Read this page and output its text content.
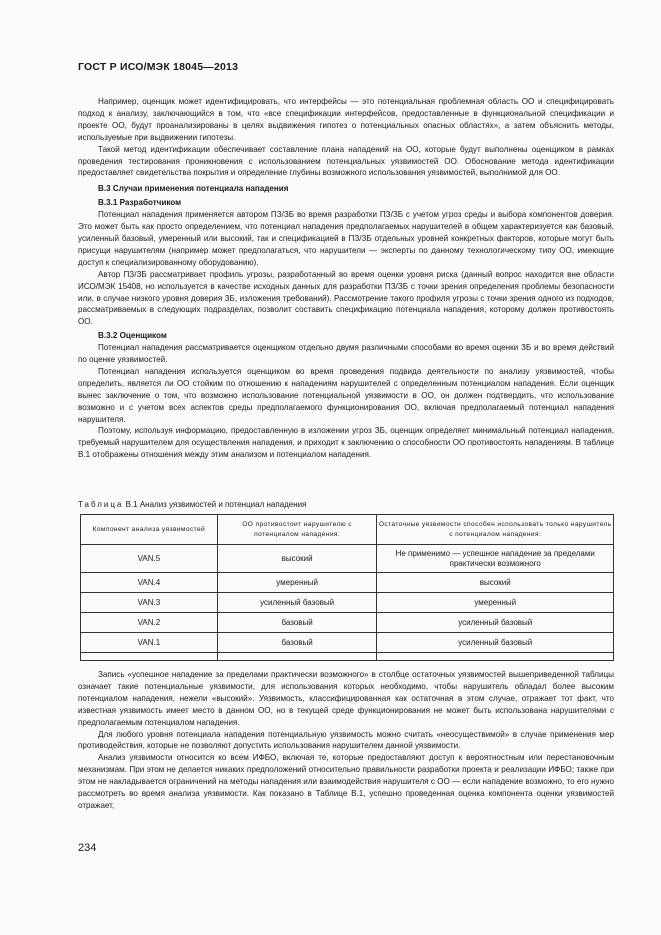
ГОСТ Р ИСО/МЭК 18045—2013

Например, оценщик может идентифицировать, что интерфейсы — это потенциальная проблемная область ОО и специфицировать подход к анализу, заключающийся в том, что «все спецификации интерфейсов, предоставленные в функциональной спецификации и проекте ОО, будут проанализированы в целях выдвижения гипотез о потенциальных опасных областях», а затем объяснить методы, используемые при выдвижении гипотезы.

Такой метод идентификации обеспечивает составление плана нападений на ОО, которые будут выполнены оценщиком в рамках проведения тестирования проникновения с использованием потенциальных уязвимостей ОО. Обоснование метода идентификации предоставляет свидетельства покрытия и определение глубины возможного использования уязвимостей, выполнимой для ОО.

В.3 Случаи применения потенциала нападения
В.3.1 Разработчиком

Потенциал нападения применяется автором ПЗ/ЗБ во время разработки ПЗ/ЗБ с учетом угроз среды и выбора компонентов доверия. Это может быть как просто определением, что потенциал нападения предполагаемых нарушителей в общем характеризуется как базовый, усиленный базовый, умеренный или высокий, так и спецификацией в ПЗ/ЗБ отдельных уровней конкретных факторов, которые могут быть присущи нарушителям (например может предполагаться, что нарушители — эксперты по данному технологическому типу ОО, имеющие доступ к специализированному оборудованию).

Автор ПЗ/ЗБ рассматривает профиль угрозы, разработанный во время оценки уровня риска (данный вопрос находится вне области ИСО/МЭК 15408, но используется в качестве исходных данных для разработки ПЗ/ЗБ с точки зрения определения проблемы безопасности или, в случае низкого уровня доверия ЗБ, изложения требований). Рассмотрение такого профиля угрозы с точки зрения одного из подходов, рассматриваемых в следующих подразделах, позволит составить спецификацию потенциала нападения, которому должен противостоять ОО.

В.3.2 Оценщиком

Потенциал нападения рассматривается оценщиком отдельно двумя различными способами во время оценки ЗБ и во время действий по оценке уязвимостей.

Потенциал нападения используется оценщиком во время проведения подвида деятельности по анализу уязвимостей, чтобы определить, является ли ОО стойким по отношению к нападениям нарушителей с определенным потенциалом нападения. Если оценщик вынес заключение о том, что возможно использование потенциальной уязвимости в ОО, он должен подтвердить, что использование возможно и с учетом всех аспектов среды предполагаемого функционирования ОО, включая предполагаемый потенциал нападения нарушителя.

Поэтому, используя информацию, предоставленную в изложении угроз ЗБ, оценщик определяет минимальный потенциал нападения, требуемый нарушителем для осуществления нападения, и приходит к заключению о способности ОО противостоять нападениям. В таблице В.1 отображены отношения между этим анализом и потенциалом нападения.

Таблица В.1 Анализ уязвимостей и потенциал нападения
Компонент анализа уязвимостей	ОО противостоит нарушителю с потенциалом нападения:	Остаточные уязвимости способен использовать только нарушитель с потенциалом нападения:
VAN.5	высокий	Не применимо — успешное нападение за пределами практически возможного
VAN.4	умеренный	высокий
VAN.3	усиленный базовый	умеренный
VAN.2	базовый	усиленный базовый
VAN.1	базовый	усиленный базовый

Запись «успешное нападение за пределами практически возможного» в столбце остаточных уязвимостей вышеприведенной таблицы означает такие потенциальные уязвимости, для использования которых необходимо, чтобы нарушитель обладал более высоким потенциалом нападения, нежели «высокий». Уязвимость, классифицированная как остаточная в этом случае, отражает тот факт, что известная уязвимость имеет место в данном ОО, но в текущей среде функционирования не может быть использована нарушителями с предполагаемым потенциалом нападения.

Для любого уровня потенциала нападения потенциальную уязвимость можно считать «неосуществимой» в случае применения мер противодействия, которые не позволяют допустить использования нарушителем данной уязвимости.

Анализ уязвимости относится ко всем ИФБО, включая те, которые предоставляют доступ к вероятностным или перестановочным механизмам. При этом не делается никаких предположений относительно правильности разработки проекта и реализации ИФБО; также при этом не накладывается ограничений на методы нападения или взаимодействия нарушителя с ОО — если нападение возможно, то его нужно рассмотреть во время анализа уязвимости. Как показано в Таблице В.1, успешно проведенная оценка компонента оценки уязвимостей отражает,

234
